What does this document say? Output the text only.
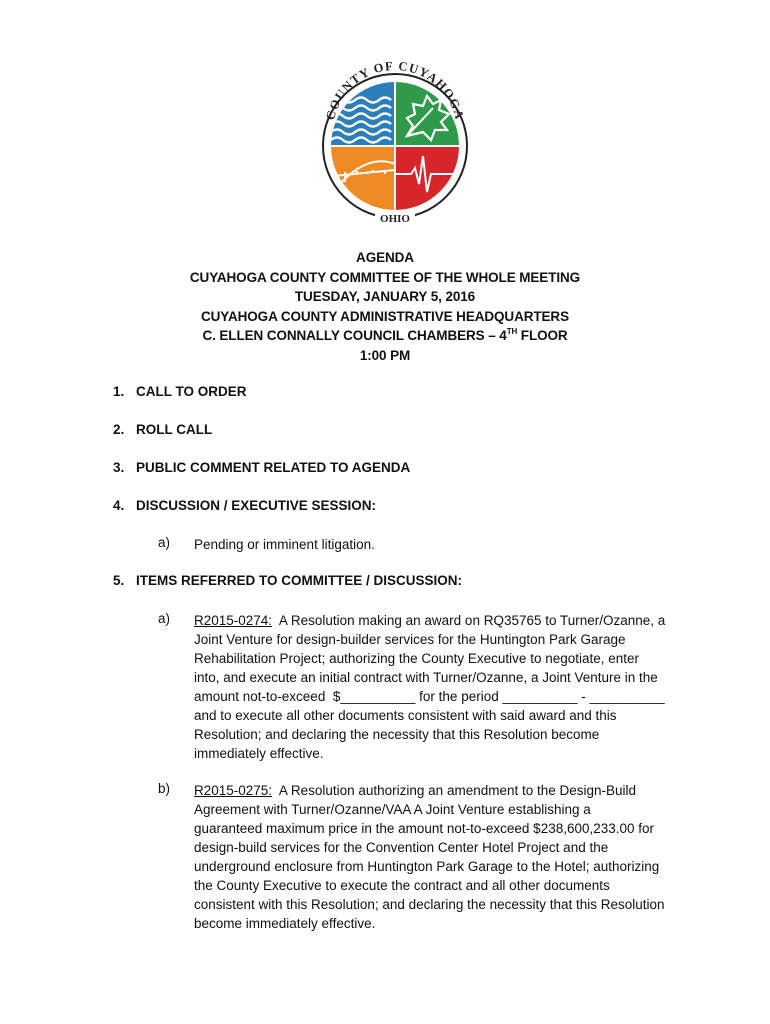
COUNTY OF CUYAHOGA
OHIO
AGENDA
CUYAHOGA COUNTY COMMITTEE OF THE WHOLE MEETING
TUESDAY, JANUARY 5, 2016
CUYAHOGA COUNTY ADMINISTRATIVE HEADQUARTERS
C. ELLEN CONNALLY COUNCIL CHAMBERS – 4TH FLOOR
1:00 PM
1. CALL TO ORDER
2. ROLL CALL
3. PUBLIC COMMENT RELATED TO AGENDA
4. DISCUSSION / EXECUTIVE SESSION:
a) Pending or imminent litigation.
5. ITEMS REFERRED TO COMMITTEE / DISCUSSION:
a) R2015-0274: A Resolution making an award on RQ35765 to Turner/Ozanne, a
Joint Venture for design-builder services for the Huntington Park Garage
Rehabilitation Project; authorizing the County Executive to negotiate, enter
into, and execute an initial contract with Turner/Ozanne, a Joint Venture in the
amount not-to-exceed  $__________ for the period __________ - __________
and to execute all other documents consistent with said award and this
Resolution; and declaring the necessity that this Resolution become
immediately effective.
b) R2015-0275: A Resolution authorizing an amendment to the Design-Build
Agreement with Turner/Ozanne/VAA A Joint Venture establishing a
guaranteed maximum price in the amount not-to-exceed $238,600,233.00 for
design-build services for the Convention Center Hotel Project and the
underground enclosure from Huntington Park Garage to the Hotel; authorizing
the County Executive to execute the contract and all other documents
consistent with this Resolution; and declaring the necessity that this Resolution
become immediately effective.
